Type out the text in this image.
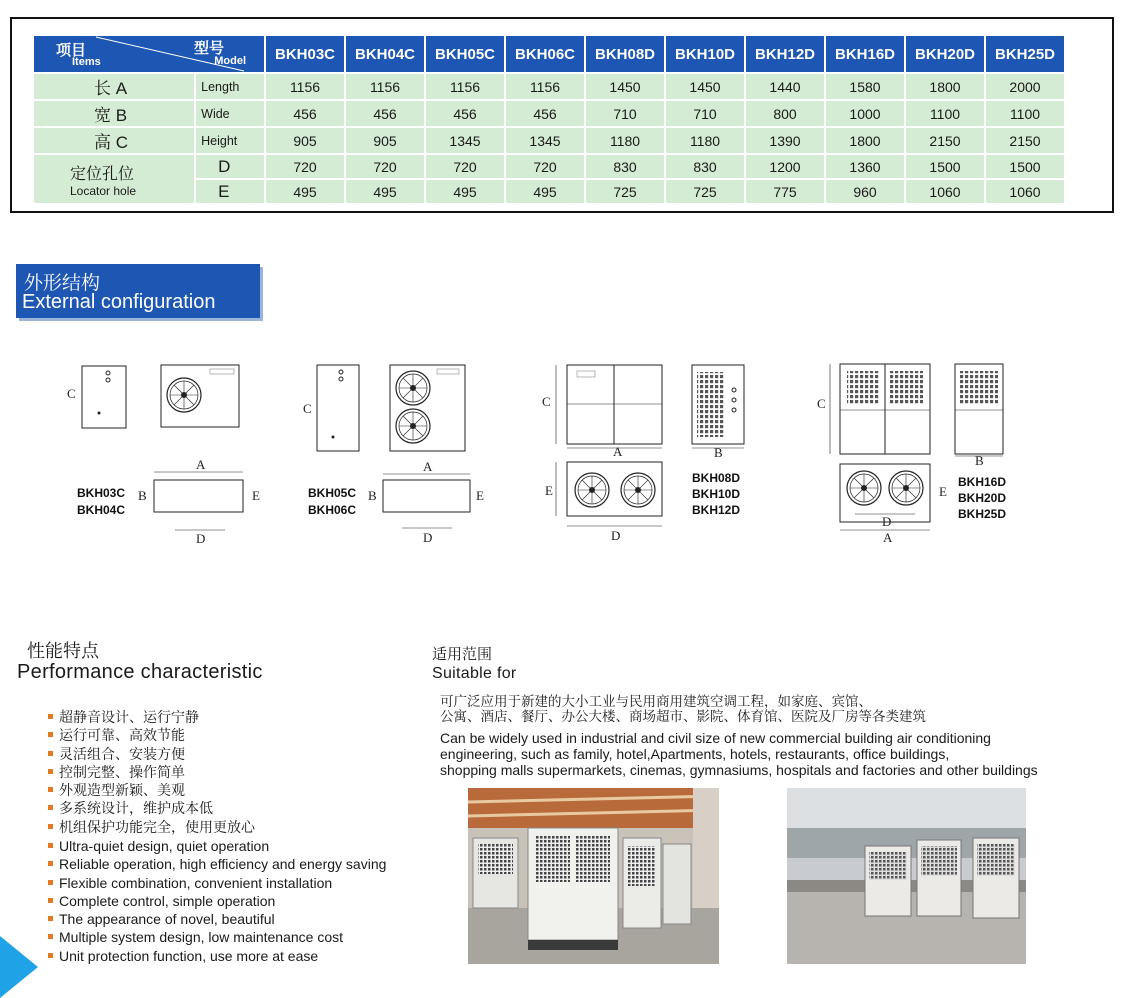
项目
Items
型号
Model		BKH03C	BKH04C	BKH05C	BKH06C	BKH08D	BKH10D	BKH12D	BKH16D	BKH20D	BKH25D
长 A	Length	1156	1156	1156	1156	1450	1450	1440	1580	1800	2000
宽 B	Wide	456	456	456	456	710	710	800	1000	1100	1100
高 C	Height	905	905	1345	1345	1180	1180	1390	1800	2150	2150

定位孔位
Locator hole	D	720	720	720	720	830	830	1200	1360	1500	1500
	E	495	495	495	495	725	725	775	960	1060	1060
外形结构
External configuration
C
A
B	E
D
BKH03C
BKH04C
C
A
B	E
D
BKH05C
BKH06C
C
A	B
E
D
BKH08D
BKH10D
BKH12D
C
B
E
D
A
BKH16D
BKH20D
BKH25D
性能特点
Performance characteristic
超静音设计、运行宁静
运行可靠、高效节能
灵活组合、安装方便
控制完整、操作简单
外观造型新颖、美观
多系统设计，维护成本低
机组保护功能完全，使用更放心
Ultra-quiet design, quiet operation
Reliable operation, high efficiency and energy saving
Flexible combination, convenient installation
Complete control, simple operation
The appearance of novel, beautiful
Multiple system design, low maintenance cost
Unit protection function, use more at ease
适用范围
Suitable for
可广泛应用于新建的大小工业与民用商用建筑空调工程，如家庭、宾馆、
公寓、酒店、餐厅、办公大楼、商场超市、影院、体育馆、医院及厂房等各类建筑
Can be widely used in industrial and civil size of new commercial building air conditioning
engineering, such as family, hotel,Apartments, hotels, restaurants, office buildings,
shopping malls supermarkets, cinemas, gymnasiums, hospitals and factories and other buildings
